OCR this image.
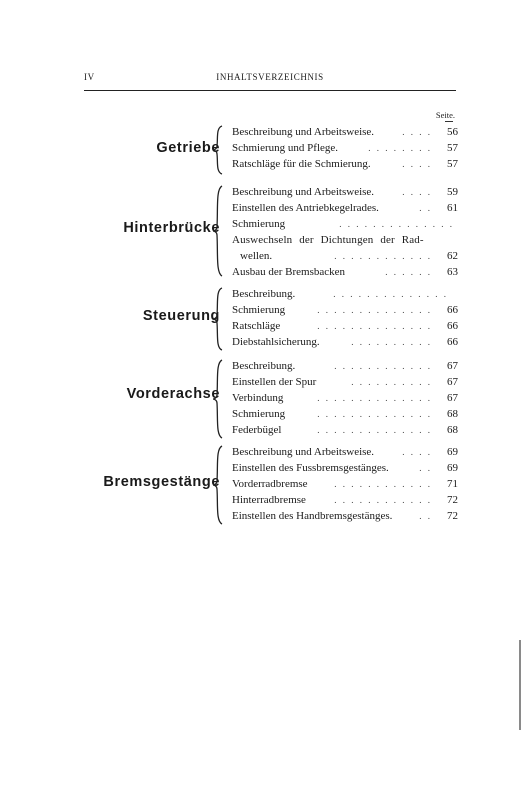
IV	INHALTSVERZEICHNIS
Seite.
Getriebe
Beschreibung und Arbeitsweise.	. . . .	56
Schmierung und Pflege.	. . . . . . . .	57
Ratschläge für die Schmierung.	. . . .	57
Hinterbrücke
Beschreibung und Arbeitsweise.	. . . .	59
Einstellen des Antriebkegelrades.	. .	61
Schmierung	. . . . . . . . . . . . . .
Auswechseln der Dichtungen der Rad-
wellen.	. . . . . . . . . . . .	62
Ausbau der Bremsbacken	. . . . . .	63
Steuerung
Beschreibung.	. . . . . . . . . . . . . .
Schmierung	. . . . . . . . . . . . . .	66
Ratschläge	. . . . . . . . . . . . . .	66
Diebstahlsicherung.	. . . . . . . . . .	66
Vorderachse
Beschreibung.	. . . . . . . . . . . .	67
Einstellen der Spur	. . . . . . . . . .	67
Verbindung	. . . . . . . . . . . . . .	67
Schmierung	. . . . . . . . . . . . . .	68
Federbügel	. . . . . . . . . . . . . .	68
Bremsgestänge
Beschreibung und Arbeitsweise.	. . . .	69
Einstellen des Fussbremsgestänges.	. .	69
Vorderradbremse	. . . . . . . . . . . .	71
Hinterradbremse	. . . . . . . . . . . .	72
Einstellen des Handbremsgestänges.	. .	72
